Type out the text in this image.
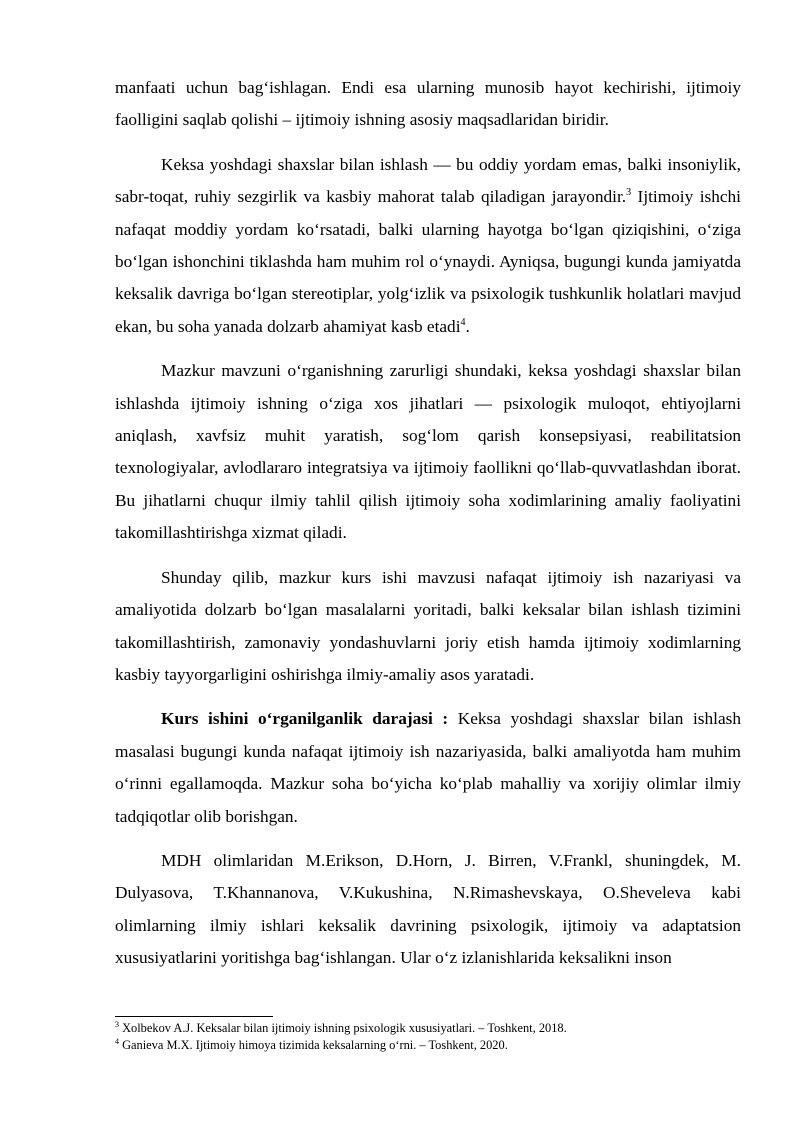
manfaati uchun bag‘ishlagan. Endi esa ularning munosib hayot kechirishi, ijtimoiy faolligini saqlab qolishi – ijtimoiy ishning asosiy maqsadlaridan biridir.

Keksa yoshdagi shaxslar bilan ishlash — bu oddiy yordam emas, balki insoniylik, sabr-toqat, ruhiy sezgirlik va kasbiy mahorat talab qiladigan jarayondir.$^3$ Ijtimoiy ishchi nafaqat moddiy yordam ko‘rsatadi, balki ularning hayotga bo‘lgan qiziqishini, o‘ziga bo‘lgan ishonchini tiklashda ham muhim rol o‘ynaydi. Ayniqsa, bugungi kunda jamiyatda keksalik davriga bo‘lgan stereotiplar, yolg‘izlik va psixologik tushkunlik holatlari mavjud ekan, bu soha yanada dolzarb ahamiyat kasb etadi$^4$.

Mazkur mavzuni o‘rganishning zarurligi shundaki, keksa yoshdagi shaxslar bilan ishlashda ijtimoiy ishning o‘ziga xos jihatlari — psixologik muloqot, ehtiyojlarni aniqlash, xavfsiz muhit yaratish, sog‘lom qarish konsepsiyasi, reabilitatsion texnologiyalar, avlodlararo integratsiya va ijtimoiy faollikni qo‘llab-quvvatlashdan iborat. Bu jihatlarni chuqur ilmiy tahlil qilish ijtimoiy soha xodimlarining amaliy faoliyatini takomillashtirishga xizmat qiladi.

Shunday qilib, mazkur kurs ishi mavzusi nafaqat ijtimoiy ish nazariyasi va amaliyotida dolzarb bo‘lgan masalalarni yoritadi, balki keksalar bilan ishlash tizimini takomillashtirish, zamonaviy yondashuvlarni joriy etish hamda ijtimoiy xodimlarning kasbiy tayyorgarligini oshirishga ilmiy-amaliy asos yaratadi.

Kurs ishini o‘rganilganlik darajasi : Keksa yoshdagi shaxslar bilan ishlash masalasi bugungi kunda nafaqat ijtimoiy ish nazariyasida, balki amaliyotda ham muhim o‘rinni egallamoqda. Mazkur soha bo‘yicha ko‘plab mahalliy va xorijiy olimlar ilmiy tadqiqotlar olib borishgan.

MDH olimlaridan M.Erikson, D.Horn, J. Birren, V.Frankl, shuningdek, M. Dulyasova, T.Khannanova, V.Kukushina, N.Rimashevskaya, O.Sheveleva kabi olimlarning ilmiy ishlari keksalik davrining psixologik, ijtimoiy va adaptatsion xususiyatlarini yoritishga bag‘ishlangan. Ular o‘z izlanishlarida keksalikni inson

$^3$ Xolbekov A.J. Keksalar bilan ijtimoiy ishning psixologik xususiyatlari. – Toshkent, 2018.
$^4$ Ganieva M.X. Ijtimoiy himoya tizimida keksalarning o‘rni. – Toshkent, 2020.
